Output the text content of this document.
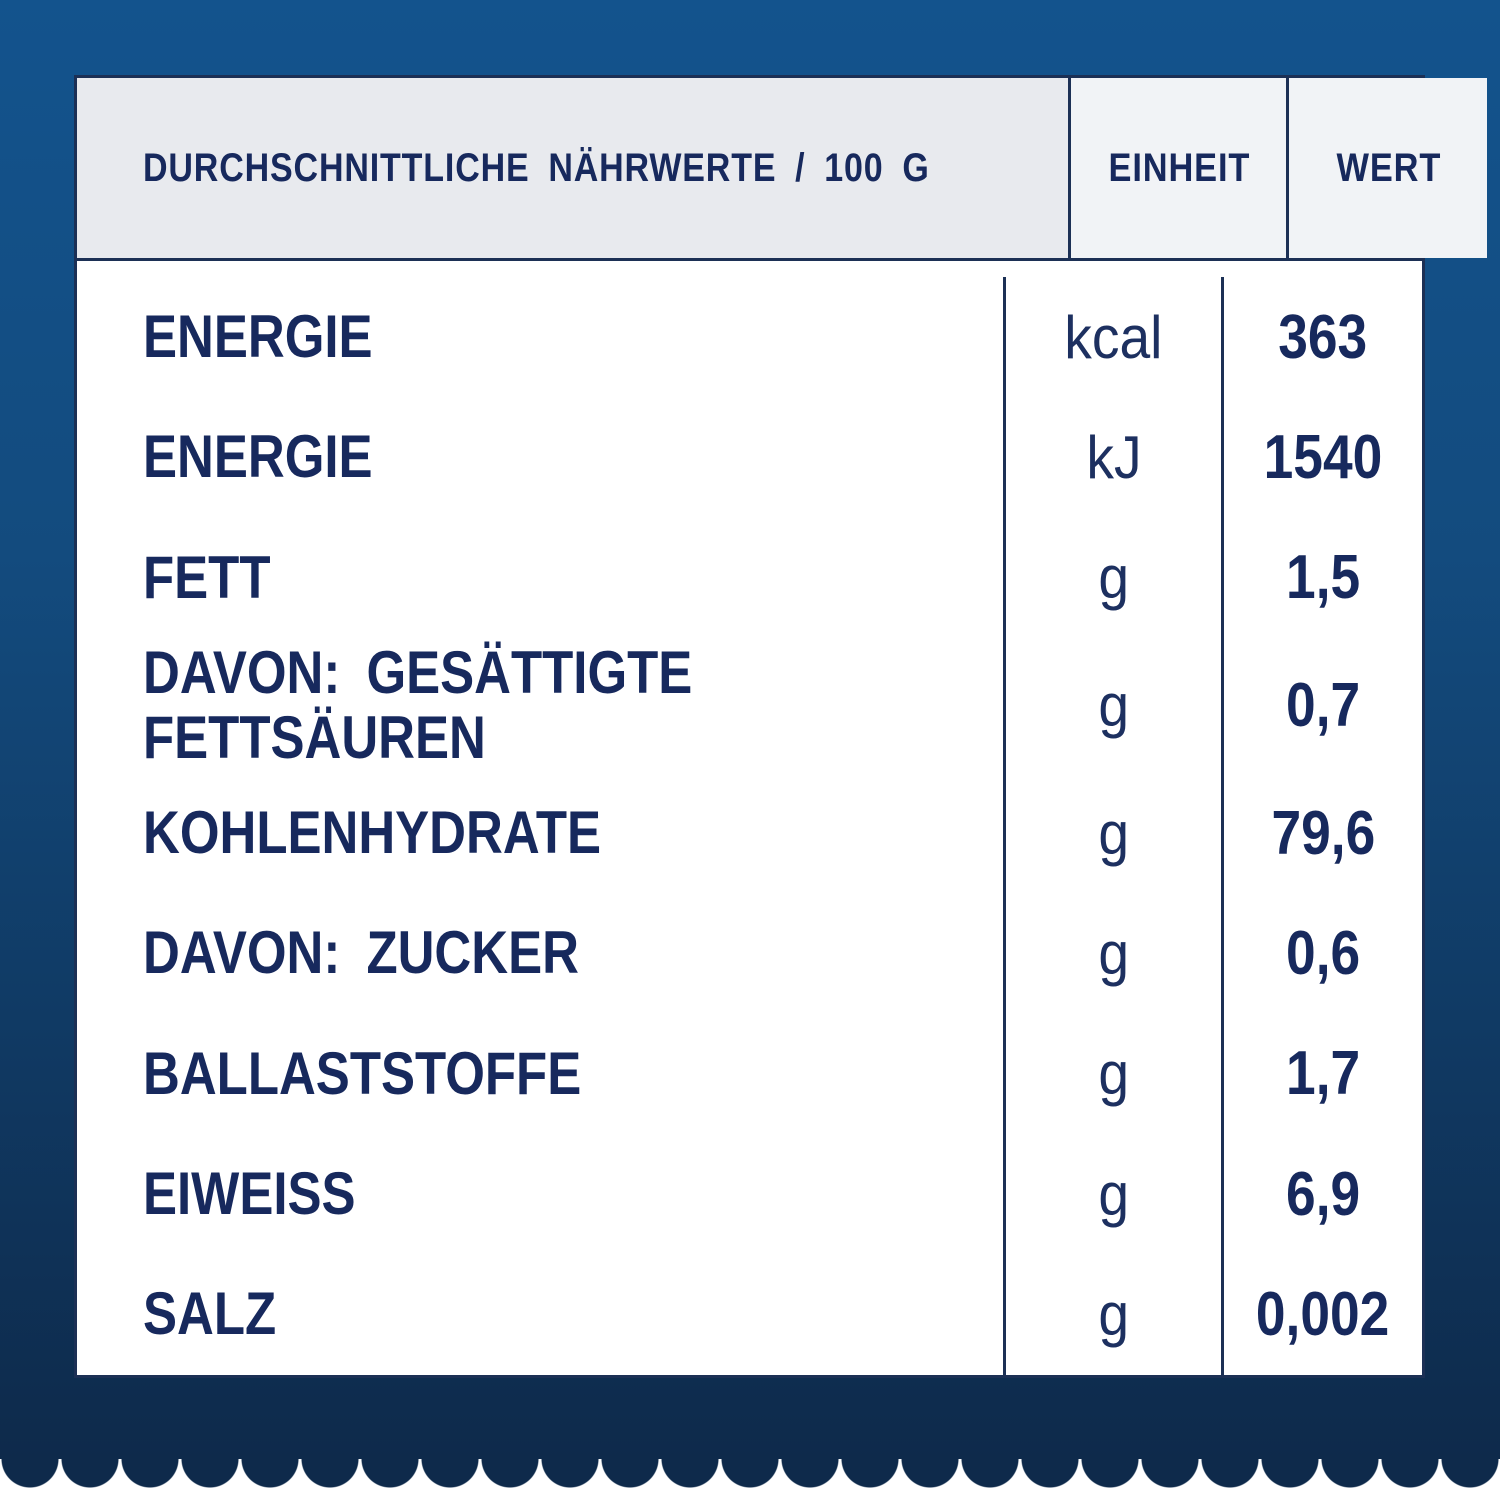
DURCHSCHNITTLICHE NÄHRWERTE / 100 G	EINHEIT WERT
ENERGIE	kcal 363
ENERGIE	kJ 1540
FETT	g	1,5
DAVON: GESÄTTIGTE
FETTSÄUREN	g	0,7
KOHLENHYDRATE	g 79,6
DAVON: ZUCKER	g	0,6
BALLASTSTOFFE	g	1,7
EIWEISS	g	6,9
SALZ	g 0,002
